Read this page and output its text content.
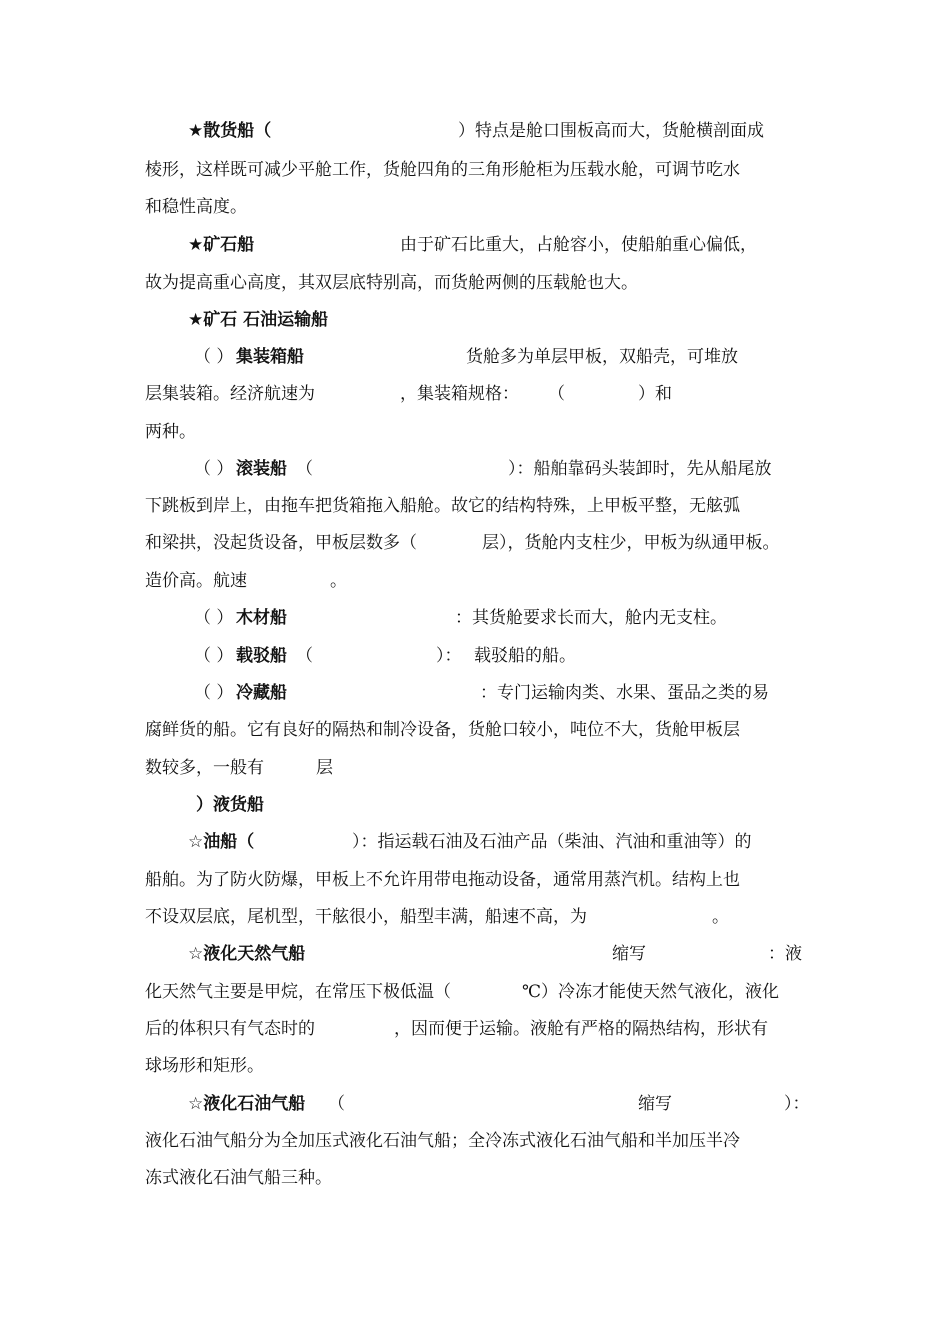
★散货船（	）特点是舱口围板高而大，货舱横剖面成
棱形，这样既可减少平舱工作，货舱四角的三角形舱柜为压载水舱，可调节吃水
和稳性高度。
★矿石船	由于矿石比重大，占舱容小，使船舶重心偏低，
故为提高重心高度，其双层底特别高，而货舱两侧的压载舱也大。
★矿石 石油运输船
（ ） 集装箱船	货舱多为单层甲板，双船壳，可堆放
层集装箱。经济航速为	，集装箱规格： （	）和
两种。
（ ） 滚装船 （	）：船舶靠码头装卸时，先从船尾放
下跳板到岸上，由拖车把货箱拖入船舱。故它的结构特殊，上甲板平整，无舷弧
和梁拱，没起货设备，甲板层数多（	层），货舱内支柱少，甲板为纵通甲板。
造价高。航速	。
（ ） 木材船	：其货舱要求长而大，舱内无支柱。
（ ） 载驳船 （	）： 载驳船的船。
（ ） 冷藏船	：专门运输肉类、水果、蛋品之类的易
腐鲜货的船。它有良好的隔热和制冷设备，货舱口较小，吨位不大，货舱甲板层
数较多，一般有	层
）液货船
☆油船（	）：指运载石油及石油产品（柴油、汽油和重油等）的
船舶。为了防火防爆，甲板上不允许用带电拖动设备，通常用蒸汽机。结构上也
不设双层底，尾机型，干舷很小，船型丰满，船速不高，为	。
☆液化天然气船	缩写	：液
化天然气主要是甲烷，在常压下极低温（	℃）冷冻才能使天然气液化，液化
后的体积只有气态时的	，因而便于运输。液舱有严格的隔热结构，形状有
球场形和矩形。
☆液化石油气船 （	缩写	）：
液化石油气船分为全加压式液化石油气船；全冷冻式液化石油气船和半加压半冷
冻式液化石油气船三种。
